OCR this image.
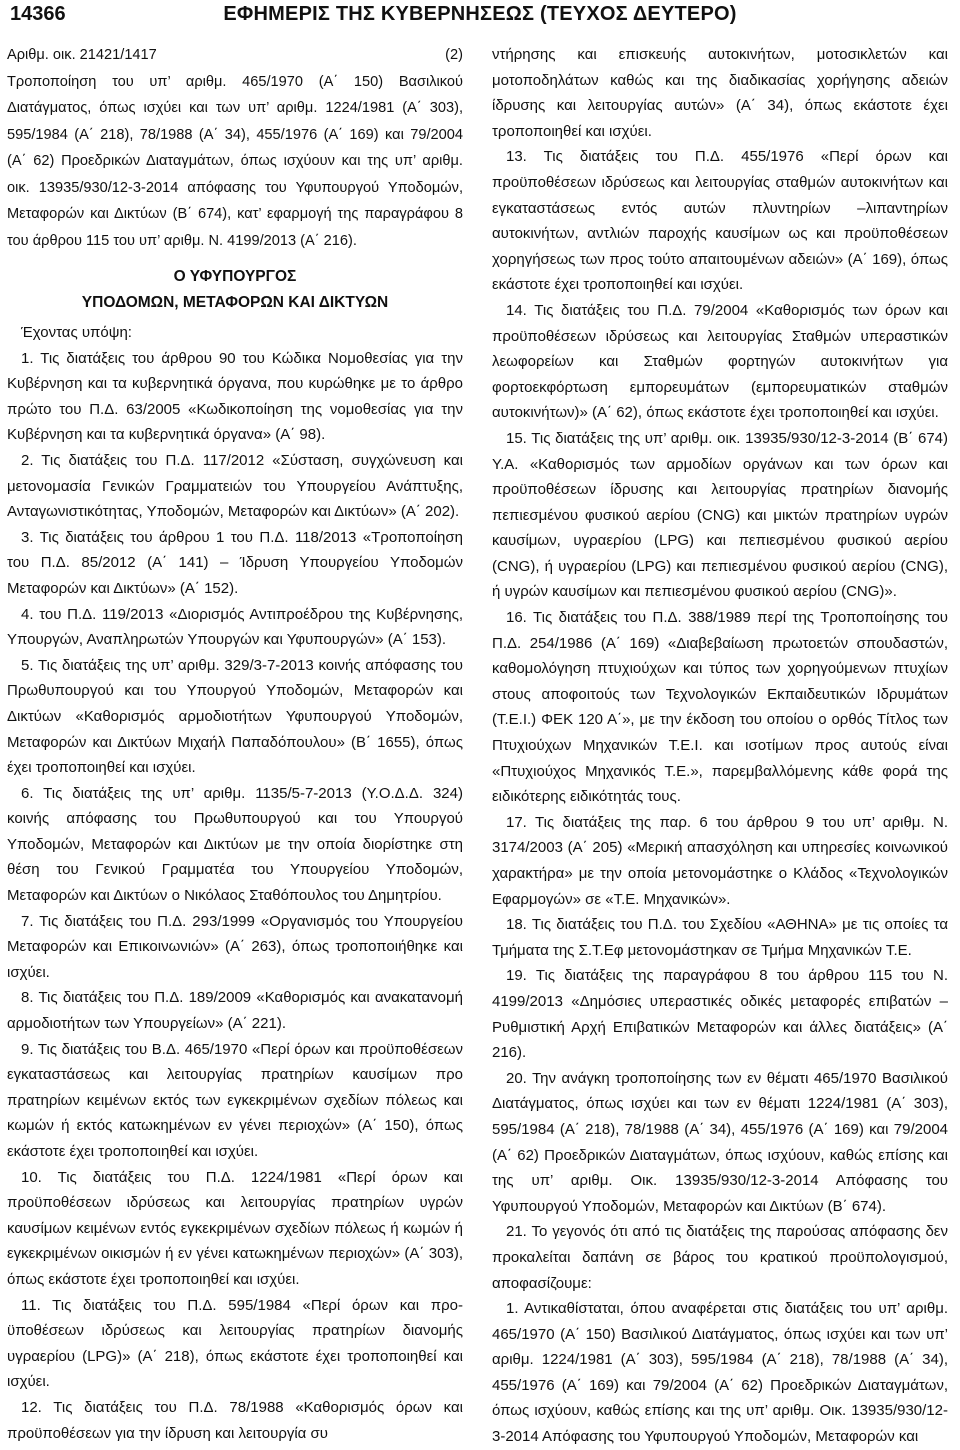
14366	ΕΦΗΜΕΡΙΣ ΤΗΣ ΚΥΒΕΡΝΗΣΕΩΣ (ΤΕΥΧΟΣ ΔΕΥΤΕΡΟ)
Αριθμ. οικ. 21421/1417	(2)

Τροποποίηση του υπ’ αριθμ. 465/1970 (Α΄ 150) Βασιλικού Διατάγματος, όπως ισχύει και των υπ’ αριθμ. 1224/1981 (Α΄ 303), 595/1984 (Α΄ 218), 78/1988 (Α΄ 34), 455/1976 (Α΄ 169) και 79/2004 (Α΄ 62) Προεδρικών Διαταγμάτων, όπως ισχύουν και της υπ’ αριθμ. οικ. 13935/930/12-3-2014 απόφασης του Υφυπουργού Υποδομών, Μεταφορών και Δικτύων (Β΄ 674), κατ’ εφαρμογή της παραγράφου 8 του άρθρου 115 του υπ’ αριθμ. Ν. 4199/2013 (Α΄ 216).

Ο ΥΦΥΠΟΥΡΓΟΣ
ΥΠΟΔΟΜΩΝ, ΜΕΤΑΦΟΡΩΝ ΚΑΙ ΔΙΚΤΥΩΝ

Έχοντας υπόψη:

1. Τις διατάξεις του άρθρου 90 του Κώδικα Νομοθεσίας για την Κυβέρνηση και τα κυβερνητικά όργανα, που κυρώθηκε με το άρθρο πρώτο του Π.Δ. 63/2005 «Κωδικοποίηση της νομοθεσίας για την Κυβέρνηση και τα κυβερνητικά όργανα» (Α΄ 98).

2. Τις διατάξεις του Π.Δ. 117/2012 «Σύσταση, συγχώνευση και μετονομασία Γενικών Γραμματειών του Υπουργείου Ανάπτυξης, Ανταγωνιστικότητας, Υποδομών, Μεταφορών και Δικτύων» (Α΄ 202).

3. Τις διατάξεις του άρθρου 1 του Π.Δ. 118/2013 «Τροποποίηση του Π.Δ. 85/2012 (Α΄ 141) – Ίδρυση Υπουργείου Υποδομών Μεταφορών και Δικτύων» (Α΄ 152).

4. του Π.Δ. 119/2013 «Διορισμός Αντιπροέδρου της Κυβέρνησης, Υπουργών, Αναπληρωτών Υπουργών και Υφυπουργών» (Α΄ 153).

5. Τις διατάξεις της υπ’ αριθμ. 329/3-7-2013 κοινής απόφασης του Πρωθυπουργού και του Υπουργού Υποδομών, Μεταφορών και Δικτύων «Καθορισμός αρμοδιοτήτων Υφυπουργού Υποδομών, Μεταφορών και Δικτύων Μιχαήλ Παπαδόπουλου» (Β΄ 1655), όπως έχει τροποποιηθεί και ισχύει.

6. Τις διατάξεις της υπ’ αριθμ. 1135/5-7-2013 (Υ.Ο.Δ.Δ. 324) κοινής απόφασης του Πρωθυπουργού και του Υπουργού Υποδομών, Μεταφορών και Δικτύων με την οποία διορίστηκε στη θέση του Γενικού Γραμματέα του Υπουργείου Υποδομών, Μεταφορών και Δικτύων ο Νικόλαος Σταθόπουλος του Δημητρίου.

7. Τις διατάξεις του Π.Δ. 293/1999 «Οργανισμός του Υπουργείου Μεταφορών και Επικοινωνιών» (Α΄ 263), όπως τροποποιήθηκε και ισχύει.

8. Τις διατάξεις του Π.Δ. 189/2009 «Καθορισμός και ανακατανομή αρμοδιοτήτων των Υπουργείων» (Α΄ 221).

9. Τις διατάξεις του Β.Δ. 465/1970 «Περί όρων και προϋποθέσεων εγκαταστάσεως και λειτουργίας πρατηρίων καυσίμων προ πρατηρίων κειμένων εκτός των εγκεκριμένων σχεδίων πόλεως και κωμών ή εκτός κατωκημένων εν γένει περιοχών» (Α΄ 150), όπως εκάστοτε έχει τροποποιηθεί και ισχύει.

10. Τις διατάξεις του Π.Δ. 1224/1981 «Περί όρων και προϋποθέσεων ιδρύσεως και λειτουργίας πρατηρίων υγρών καυσίμων κειμένων εντός εγκεκριμένων σχεδίων πόλεως ή κωμών ή εγκεκριμένων οικισμών ή εν γένει κατωκημένων περιοχών» (Α΄ 303), όπως εκάστοτε έχει τροποποιηθεί και ισχύει.

11. Τις διατάξεις του Π.Δ. 595/1984 «Περί όρων και προϋποθέσεων ιδρύσεως και λειτουργίας πρατηρίων διανομής υγραερίου (LPG)» (Α΄ 218), όπως εκάστοτε έχει τροποποιηθεί και ισχύει.

12. Τις διατάξεις του Π.Δ. 78/1988 «Καθορισμός όρων και προϋποθέσεων για την ίδρυση και λειτουργία συ

ντήρησης και επισκευής αυτοκινήτων, μοτοσικλετών και μοτοποδηλάτων καθώς και της διαδικασίας χορήγησης αδειών ίδρυσης και λειτουργίας αυτών» (Α΄ 34), όπως εκάστοτε έχει τροποποιηθεί και ισχύει.

13. Τις διατάξεις του Π.Δ. 455/1976 «Περί όρων και προϋποθέσεων ιδρύσεως και λειτουργίας σταθμών αυτοκινήτων και εγκαταστάσεως εντός αυτών πλυντηρίων –λιπαντηρίων αυτοκινήτων, αντλιών παροχής καυσίμων ως και προϋποθέσεων χορηγήσεως των προς τούτο απαιτουμένων αδειών» (Α΄ 169), όπως εκάστοτε έχει τροποποιηθεί και ισχύει.

14. Τις διατάξεις του Π.Δ. 79/2004 «Καθορισμός των όρων και προϋποθέσεων ιδρύσεως και λειτουργίας Σταθμών υπεραστικών λεωφορείων και Σταθμών φορτηγών αυτοκινήτων για φορτοεκφόρτωση εμπορευμάτων (εμπορευματικών σταθμών αυτοκινήτων)» (Α΄ 62), όπως εκάστοτε έχει τροποποιηθεί και ισχύει.

15. Τις διατάξεις της υπ’ αριθμ. οικ. 13935/930/12-3-2014 (Β΄ 674) Υ.Α. «Καθορισμός των αρμοδίων οργάνων και των όρων και προϋποθέσεων ίδρυσης και λειτουργίας πρατηρίων διανομής πεπιεσμένου φυσικού αερίου (CNG) και μικτών πρατηρίων υγρών καυσίμων, υγραερίου (LPG) και πεπιεσμένου φυσικού αερίου (CNG), ή υγραερίου (LPG) και πεπιεσμένου φυσικού αερίου (CNG), ή υγρών καυσίμων και πεπιεσμένου φυσικού αερίου (CNG)».

16. Τις διατάξεις του Π.Δ. 388/1989 περί της Τροποποίησης του Π.Δ. 254/1986 (Α΄ 169) «Διαβεβαίωση πρωτοετών σπουδαστών, καθομολόγηση πτυχιούχων και τύπος των χορηγούμενων πτυχίων στους αποφοιτούς των Τεχνολογικών Εκπαιδευτικών Ιδρυμάτων (Τ.Ε.Ι.) ΦΕΚ 120 Α΄», με την έκδοση του οποίου ο ορθός Τίτλος των Πτυχιούχων Μηχανικών Τ.Ε.Ι. και ισοτίμων προς αυτούς είναι «Πτυχιούχος Μηχανικός Τ.Ε.», παρεμβαλλόμενης κάθε φορά της ειδικότερης ειδικότητάς τους.

17. Τις διατάξεις της παρ. 6 του άρθρου 9 του υπ’ αριθμ. Ν. 3174/2003 (Α΄ 205) «Μερική απασχόληση και υπηρεσίες κοινωνικού χαρακτήρα» με την οποία μετονομάστηκε ο Κλάδος «Τεχνολογικών Εφαρμογών» σε «Τ.Ε. Μηχανικών».

18. Τις διατάξεις του Π.Δ. του Σχεδίου «ΑΘΗΝΑ» με τις οποίες τα Τμήματα της Σ.Τ.Εφ μετονομάστηκαν σε Τμήμα Μηχανικών Τ.Ε.

19. Τις διατάξεις της παραγράφου 8 του άρθρου 115 του Ν. 4199/2013 «Δημόσιες υπεραστικές οδικές μεταφορές επιβατών – Ρυθμιστική Αρχή Επιβατικών Μεταφορών και άλλες διατάξεις» (Α΄ 216).

20. Την ανάγκη τροποποίησης των εν θέματι 465/1970 Βασιλικού Διατάγματος, όπως ισχύει και των εν θέματι 1224/1981 (Α΄ 303), 595/1984 (Α΄ 218), 78/1988 (Α΄ 34), 455/1976 (Α΄ 169) και 79/2004 (Α΄ 62) Προεδρικών Διαταγμάτων, όπως ισχύουν, καθώς επίσης και της υπ’ αριθμ. Οικ. 13935/930/12-3-2014 Απόφασης του Υφυπουργού Υποδομών, Μεταφορών και Δικτύων (Β΄ 674).

21. Το γεγονός ότι από τις διατάξεις της παρούσας απόφασης δεν προκαλείται δαπάνη σε βάρος του κρατικού προϋπολογισμού, αποφασίζουμε:

1. Αντικαθίσταται, όπου αναφέρεται στις διατάξεις του υπ’ αριθμ. 465/1970 (Α΄ 150) Βασιλικού Διατάγματος, όπως ισχύει και των υπ’ αριθμ. 1224/1981 (Α΄ 303), 595/1984 (Α΄ 218), 78/1988 (Α΄ 34), 455/1976 (Α΄ 169) και 79/2004 (Α΄ 62) Προεδρικών Διαταγμάτων, όπως ισχύουν, καθώς επίσης και της υπ’ αριθμ. Οικ. 13935/930/12-3-2014 Απόφασης του Υφυπουργού Υποδομών, Μεταφορών και
